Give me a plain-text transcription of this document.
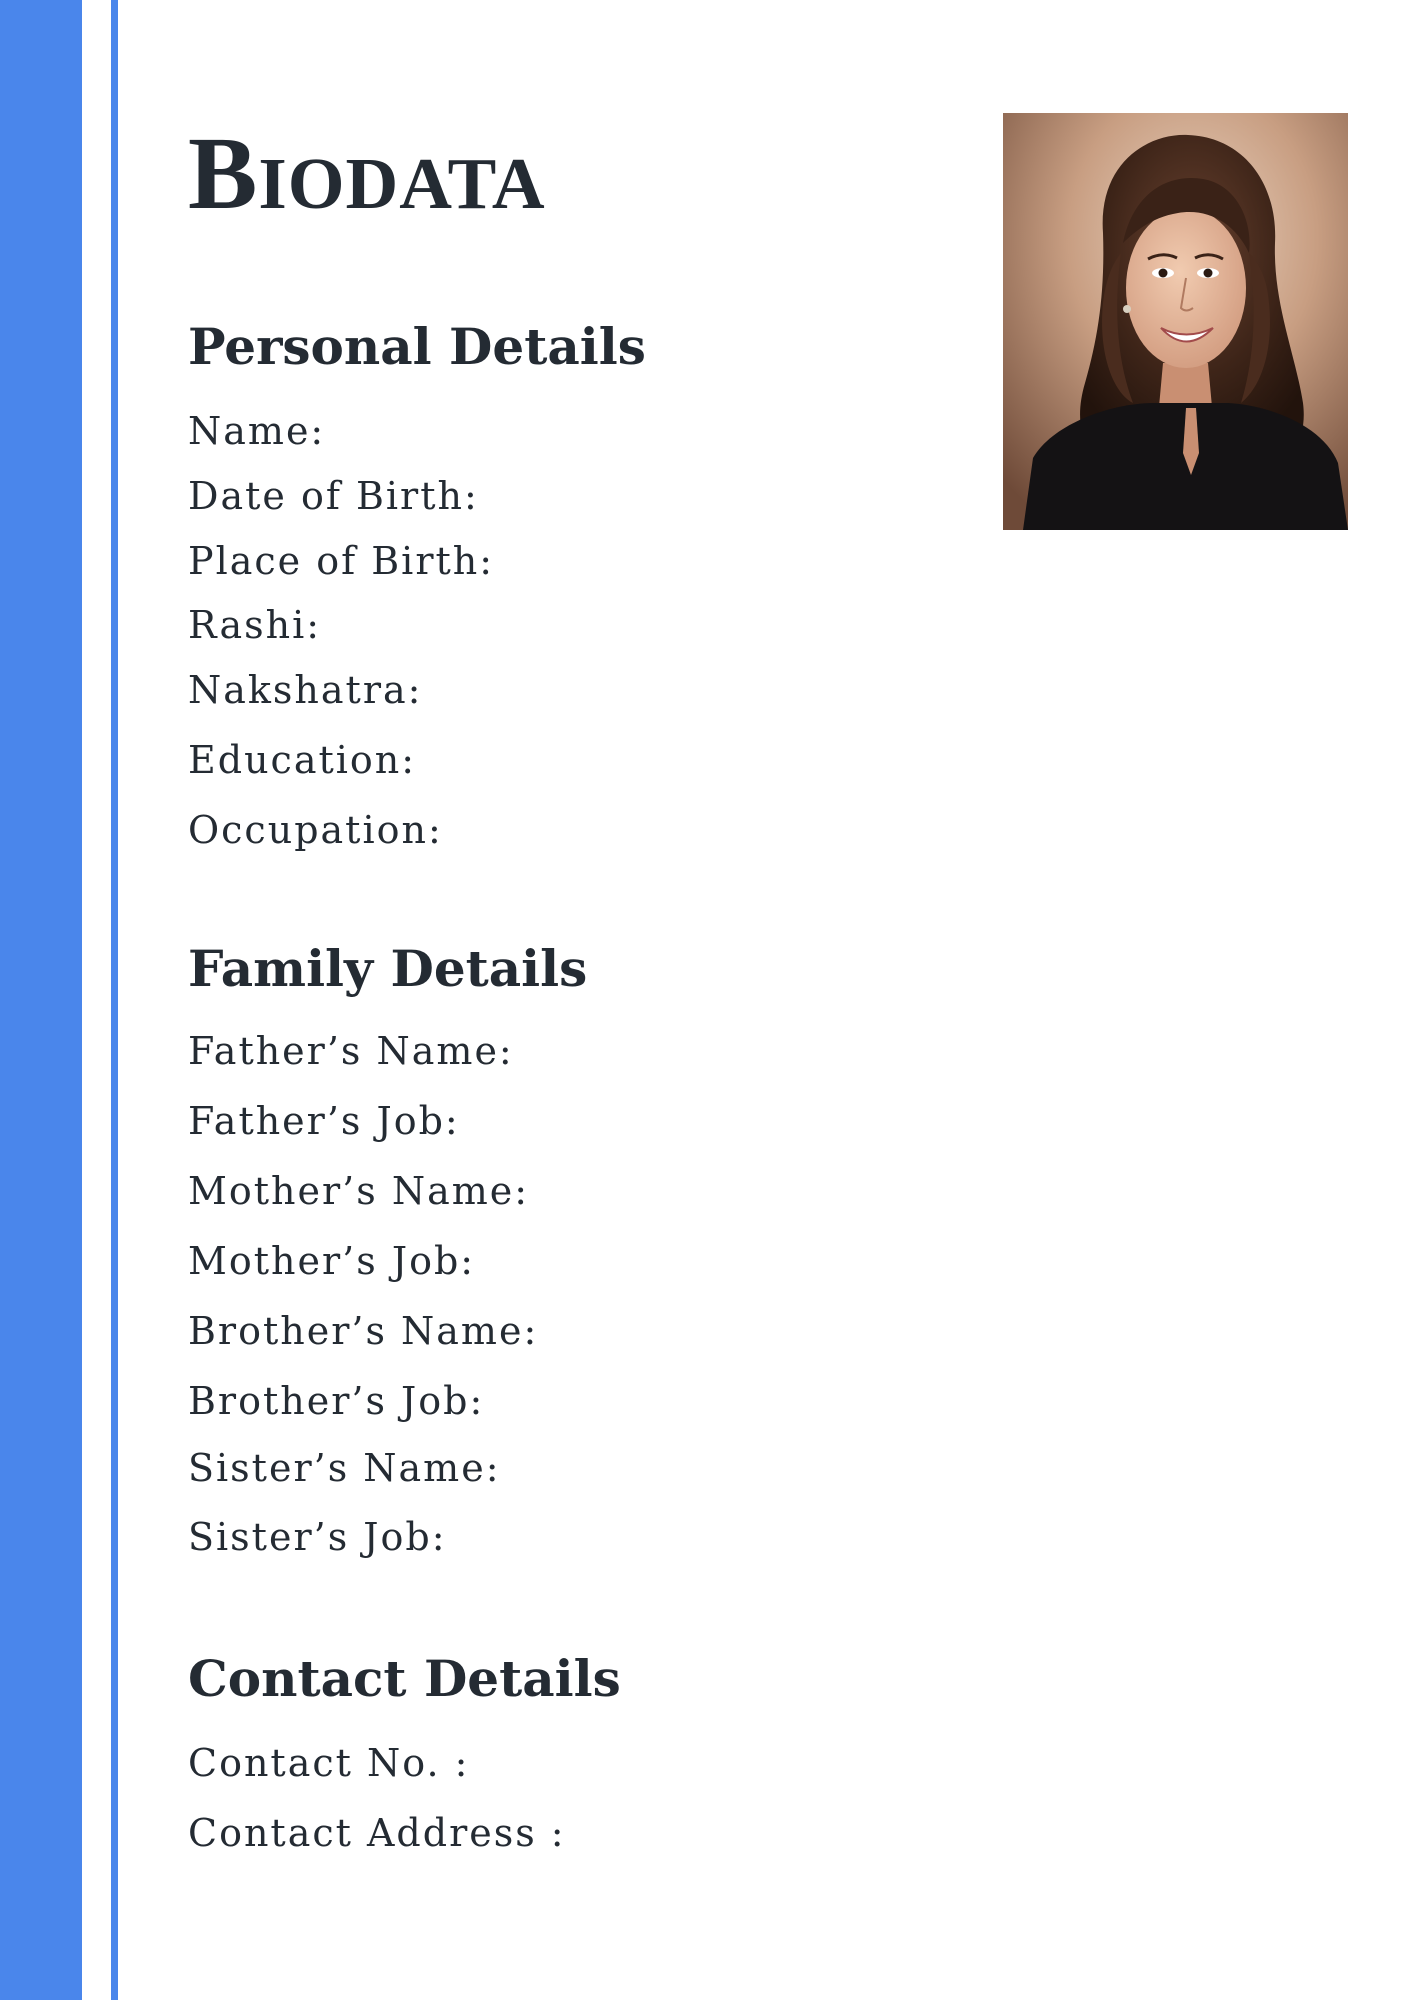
Biodata
Personal Details

Name:

Date of Birth:

Place of Birth:

Rashi:

Nakshatra:

Education:

Occupation:

Family Details

Father’s Name:

Father’s Job:

Mother’s Name:

Mother’s Job:

Brother’s Name:

Brother’s Job:

Sister’s Name:

Sister’s Job:

Contact Details

Contact No. :

Contact Address :
